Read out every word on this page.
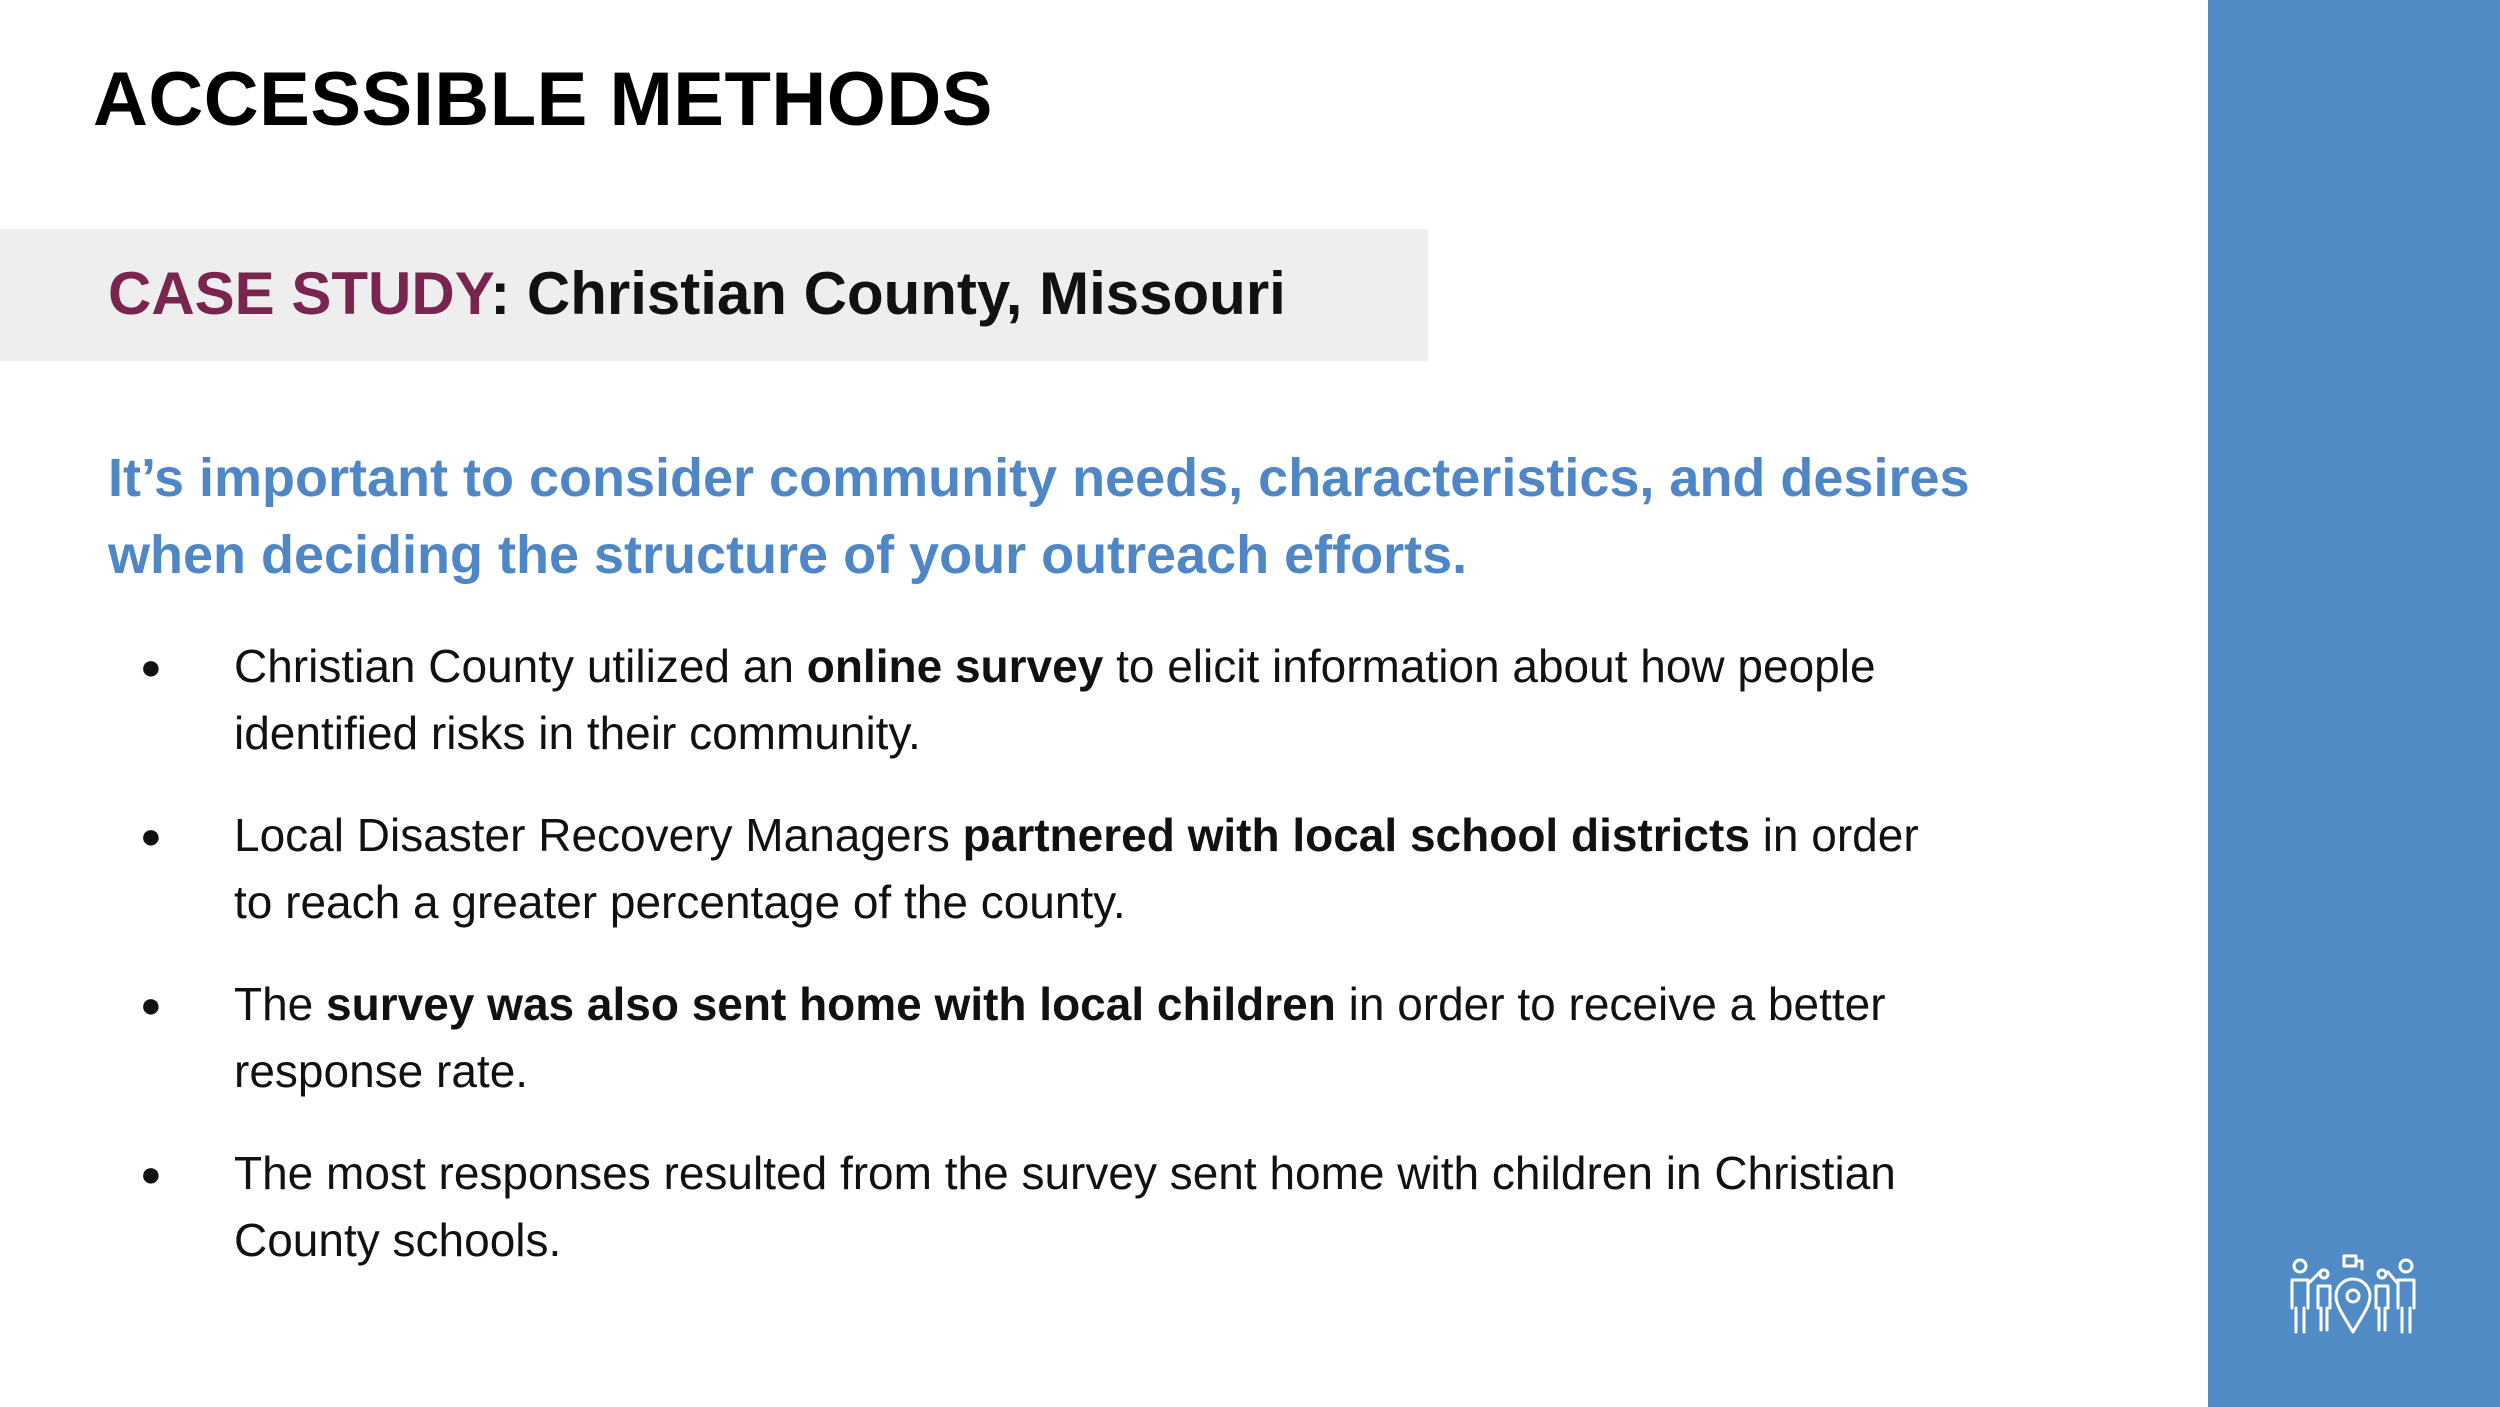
ACCESSIBLE METHODS
CASE STUDY: Christian County, Missouri

It’s important to consider community needs, characteristics, and desires when deciding the structure of your outreach efforts.

● Christian County utilized an online survey to elicit information about how people identified risks in their community.
● Local Disaster Recovery Managers partnered with local school districts in order to reach a greater percentage of the county.
● The survey was also sent home with local children in order to receive a better response rate.
● The most responses resulted from the survey sent home with children in Christian County schools.
